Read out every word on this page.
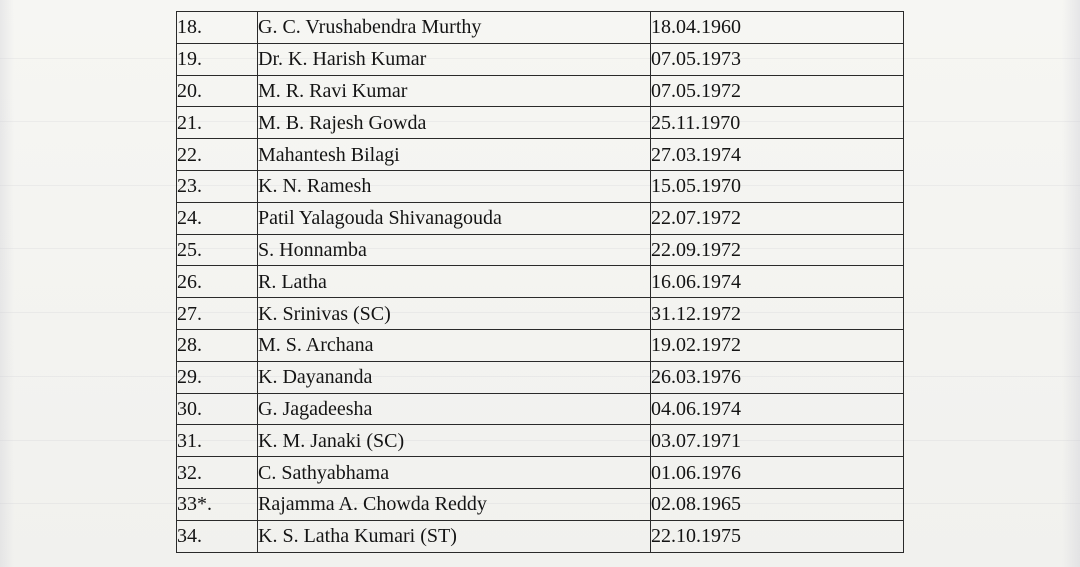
18.	G. C. Vrushabendra Murthy	18.04.1960
19.	Dr. K. Harish Kumar	07.05.1973
20.	M. R. Ravi Kumar	07.05.1972
21.	M. B. Rajesh Gowda	25.11.1970
22.	Mahantesh Bilagi	27.03.1974
23.	K. N. Ramesh	15.05.1970
24.	Patil Yalagouda Shivanagouda	22.07.1972
25.	S. Honnamba	22.09.1972
26.	R. Latha	16.06.1974
27.	K. Srinivas (SC)	31.12.1972
28.	M. S. Archana	19.02.1972
29.	K. Dayananda	26.03.1976
30.	G. Jagadeesha	04.06.1974
31.	K. M. Janaki (SC)	03.07.1971
32.	C. Sathyabhama	01.06.1976
33*.	Rajamma A. Chowda Reddy	02.08.1965
34.	K. S. Latha Kumari (ST)	22.10.1975
